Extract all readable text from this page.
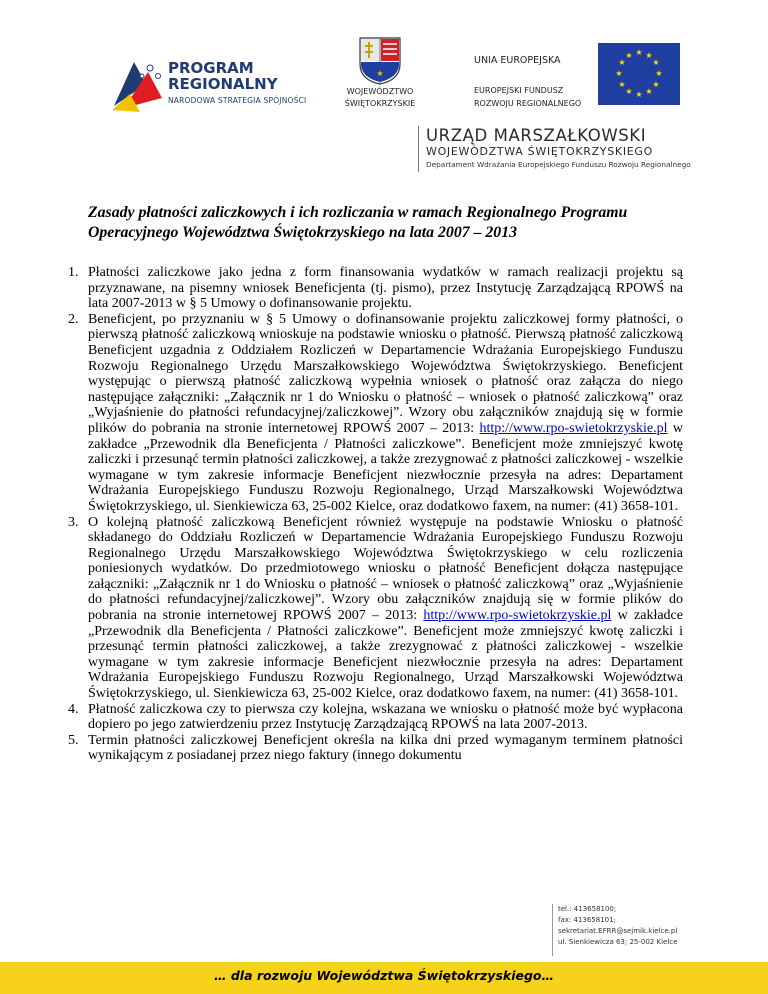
PROGRAM
REGIONALNY
NARODOWA STRATEGIA SPÓJNOŚCI
★
WOJEWÓDZTWO
ŚWIĘTOKRZYSKIE
UNIA EUROPEJSKA
EUROPEJSKI FUNDUSZ
ROZWOJU REGIONALNEGO
★ ★
★
★
★
★
★
★
★
★
★
★
URZĄD MARSZAŁKOWSKI
WOJEWÓDZTWA ŚWIĘTOKRZYSKIEGO
Departament Wdrażania Europejskiego Funduszu Rozwoju Regionalnego
Zasady płatności zaliczkowych i ich rozliczania w ramach Regionalnego Programu Operacyjnego Województwa Świętokrzyskiego na lata 2007 – 2013
1. Płatności zaliczkowe jako jedna z form finansowania wydatków w ramach realizacji projektu są przyznawane, na pisemny wniosek Beneficjenta (tj. pismo), przez Instytucję Zarządzającą RPOWŚ na lata 2007-2013 w § 5 Umowy o dofinansowanie projektu.
2. Beneficjent, po przyznaniu w § 5 Umowy o dofinansowanie projektu zaliczkowej formy płatności, o pierwszą płatność zaliczkową wnioskuje na podstawie wniosku o płatność. Pierwszą płatność zaliczkową Beneficjent uzgadnia z Oddziałem Rozliczeń w Departamencie Wdrażania Europejskiego Funduszu Rozwoju Regionalnego Urzędu Marszałkowskiego Województwa Świętokrzyskiego. Beneficjent występując o pierwszą płatność zaliczkową wypełnia wniosek o płatność oraz załącza do niego następujące załączniki: „Załącznik nr 1 do Wniosku o płatność – wniosek o płatność zaliczkową” oraz „Wyjaśnienie do płatności refundacyjnej/zaliczkowej”. Wzory obu załączników znajdują się w formie plików do pobrania na stronie internetowej RPOWŚ 2007 – 2013: http://www.rpo-swietokrzyskie.pl w zakładce „Przewodnik dla Beneficjenta / Płatności zaliczkowe”. Beneficjent może zmniejszyć kwotę zaliczki i przesunąć termin płatności zaliczkowej, a także zrezygnować z płatności zaliczkowej - wszelkie wymagane w tym zakresie informacje Beneficjent niezwłocznie przesyła na adres: Departament Wdrażania Europejskiego Funduszu Rozwoju Regionalnego, Urząd Marszałkowski Województwa Świętokrzyskiego, ul. Sienkiewicza 63, 25-002 Kielce, oraz dodatkowo faxem, na numer: (41) 3658-101.
3. O kolejną płatność zaliczkową Beneficjent również występuje na podstawie Wniosku o płatność składanego do Oddziału Rozliczeń w Departamencie Wdrażania Europejskiego Funduszu Rozwoju Regionalnego Urzędu Marszałkowskiego Województwa Świętokrzyskiego w celu rozliczenia poniesionych wydatków. Do przedmiotowego wniosku o płatność Beneficjent dołącza następujące załączniki: „Załącznik nr 1 do Wniosku o płatność – wniosek o płatność zaliczkową” oraz „Wyjaśnienie do płatności refundacyjnej/zaliczkowej”. Wzory obu załączników znajdują się w formie plików do pobrania na stronie internetowej RPOWŚ 2007 – 2013: http://www.rpo-swietokrzyskie.pl w zakładce „Przewodnik dla Beneficjenta / Płatności zaliczkowe”. Beneficjent może zmniejszyć kwotę zaliczki i przesunąć termin płatności zaliczkowej, a także zrezygnować z płatności zaliczkowej - wszelkie wymagane w tym zakresie informacje Beneficjent niezwłocznie przesyła na adres: Departament Wdrażania Europejskiego Funduszu Rozwoju Regionalnego, Urząd Marszałkowski Województwa Świętokrzyskiego, ul. Sienkiewicza 63, 25-002 Kielce, oraz dodatkowo faxem, na numer: (41) 3658-101.
4. Płatność zaliczkowa czy to pierwsza czy kolejna, wskazana we wniosku o płatność może być wypłacona dopiero po jego zatwierdzeniu przez Instytucję Zarządzającą RPOWŚ na lata 2007-2013.
5. Termin płatności zaliczkowej Beneficjent określa na kilka dni przed wymaganym terminem płatności wynikającym z posiadanej przez niego faktury (innego dokumentu
tel.: 413658100;
fax: 413658101;
sekretariat.EFRR@sejmik.kielce.pl
ul. Sienkiewicza 63; 25-002 Kielce
… dla rozwoju Województwa Świętokrzyskiego…
